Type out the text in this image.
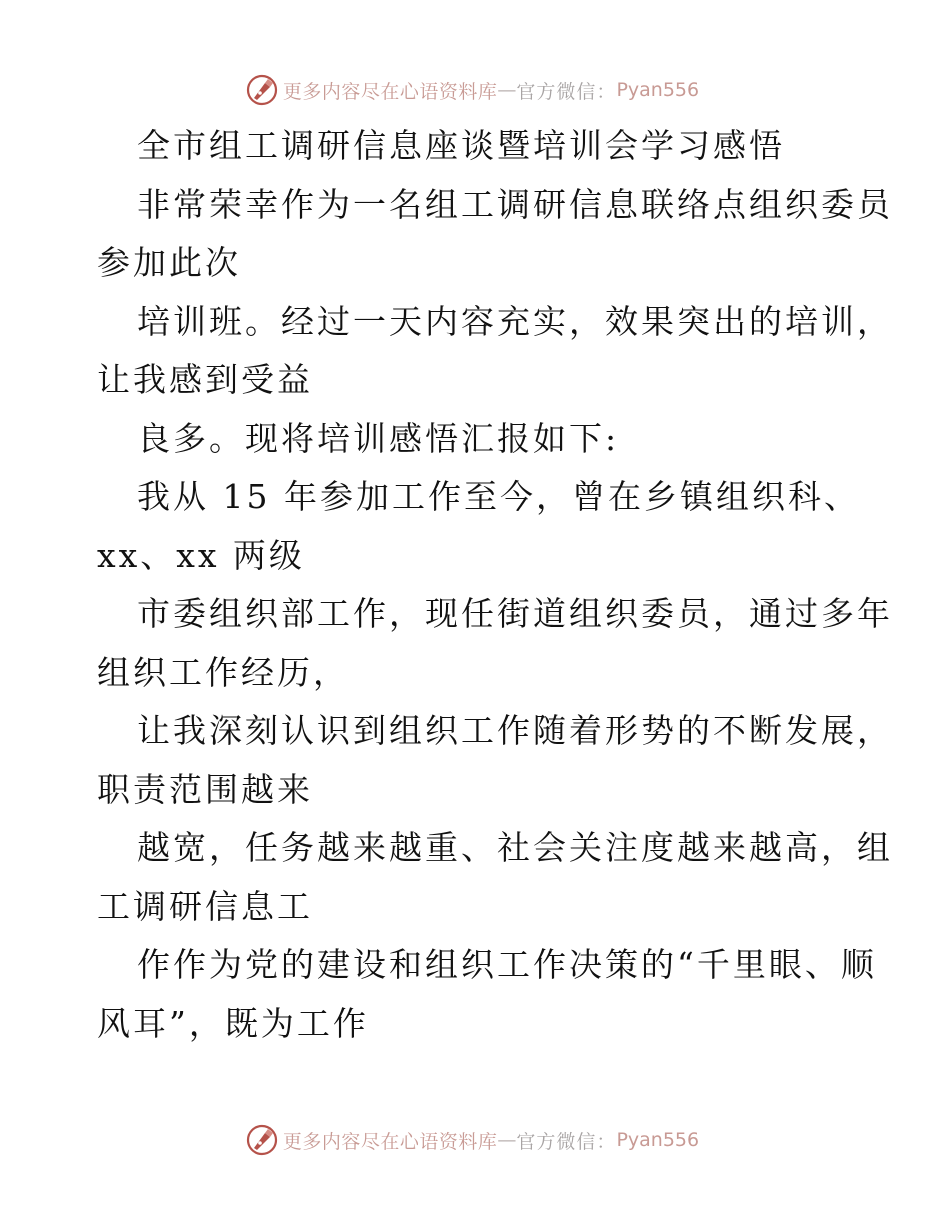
更多内容尽在心语资料库 — 官方微信： Pyan556

全市组工调研信息座谈暨培训会学习感悟

非常荣幸作为一名组工调研信息联络点组织委员
参加此次

培训班。经过一天内容充实，效果突出的培训，
让我感到受益

良多。现将培训感悟汇报如下:

我从 15 年参加工作至今，曾在乡镇组织科、
xx、xx 两级

市委组织部工作，现任街道组织委员，通过多年
组织工作经历，

让我深刻认识到组织工作随着形势的不断发展，
职责范围越来

越宽，任务越来越重、社会关注度越来越高，组
工调研信息工

作作为党的建设和组织工作决策的“千里眼、顺
风耳”，既为工作

更多内容尽在心语资料库 — 官方微信： Pyan556
